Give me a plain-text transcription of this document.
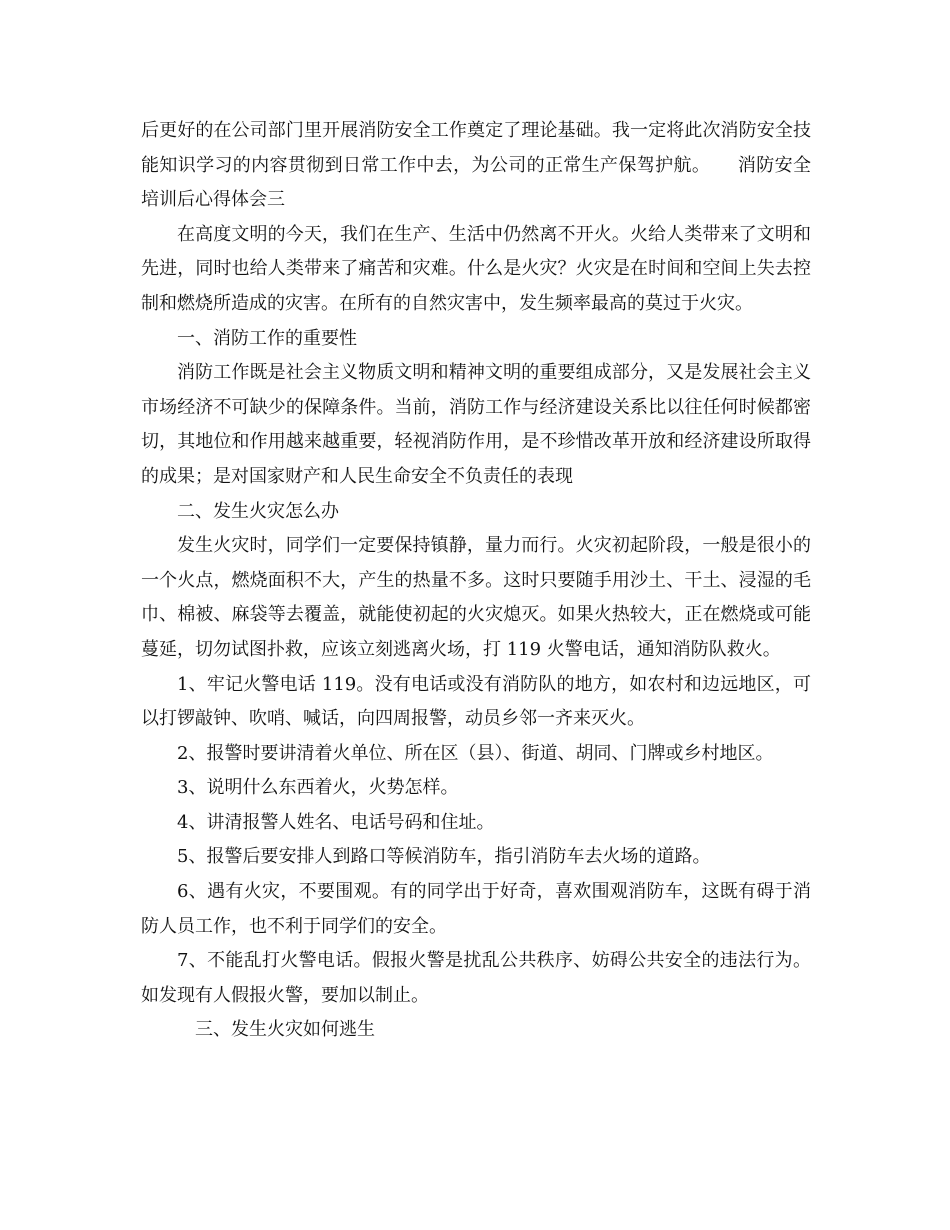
后更好的在公司部门里开展消防安全工作奠定了理论基础。我一定将此次消防安全技能知识学习的内容贯彻到日常工作中去，为公司的正常生产保驾护航。　　消防安全培训后心得体会三

在高度文明的今天，我们在生产、生活中仍然离不开火。火给人类带来了文明和先进，同时也给人类带来了痛苦和灾难。什么是火灾？火灾是在时间和空间上失去控制和燃烧所造成的灾害。在所有的自然灾害中，发生频率最高的莫过于火灾。

一、消防工作的重要性

消防工作既是社会主义物质文明和精神文明的重要组成部分，又是发展社会主义市场经济不可缺少的保障条件。当前，消防工作与经济建设关系比以往任何时候都密切，其地位和作用越来越重要，轻视消防作用，是不珍惜改革开放和经济建设所取得的成果；是对国家财产和人民生命安全不负责任的表现

二、发生火灾怎么办

发生火灾时，同学们一定要保持镇静，量力而行。火灾初起阶段，一般是很小的一个火点，燃烧面积不大，产生的热量不多。这时只要随手用沙土、干土、浸湿的毛巾、棉被、麻袋等去覆盖，就能使初起的火灾熄灭。如果火热较大，正在燃烧或可能蔓延，切勿试图扑救，应该立刻逃离火场，打 119 火警电话，通知消防队救火。

1、牢记火警电话 119。没有电话或没有消防队的地方，如农村和边远地区，可以打锣敲钟、吹哨、喊话，向四周报警，动员乡邻一齐来灭火。

2、报警时要讲清着火单位、所在区（县）、街道、胡同、门牌或乡村地区。

3、说明什么东西着火，火势怎样。

4、讲清报警人姓名、电话号码和住址。

5、报警后要安排人到路口等候消防车，指引消防车去火场的道路。

6、遇有火灾，不要围观。有的同学出于好奇，喜欢围观消防车，这既有碍于消防人员工作，也不利于同学们的安全。

7、不能乱打火警电话。假报火警是扰乱公共秩序、妨碍公共安全的违法行为。如发现有人假报火警，要加以制止。

三、发生火灾如何逃生
